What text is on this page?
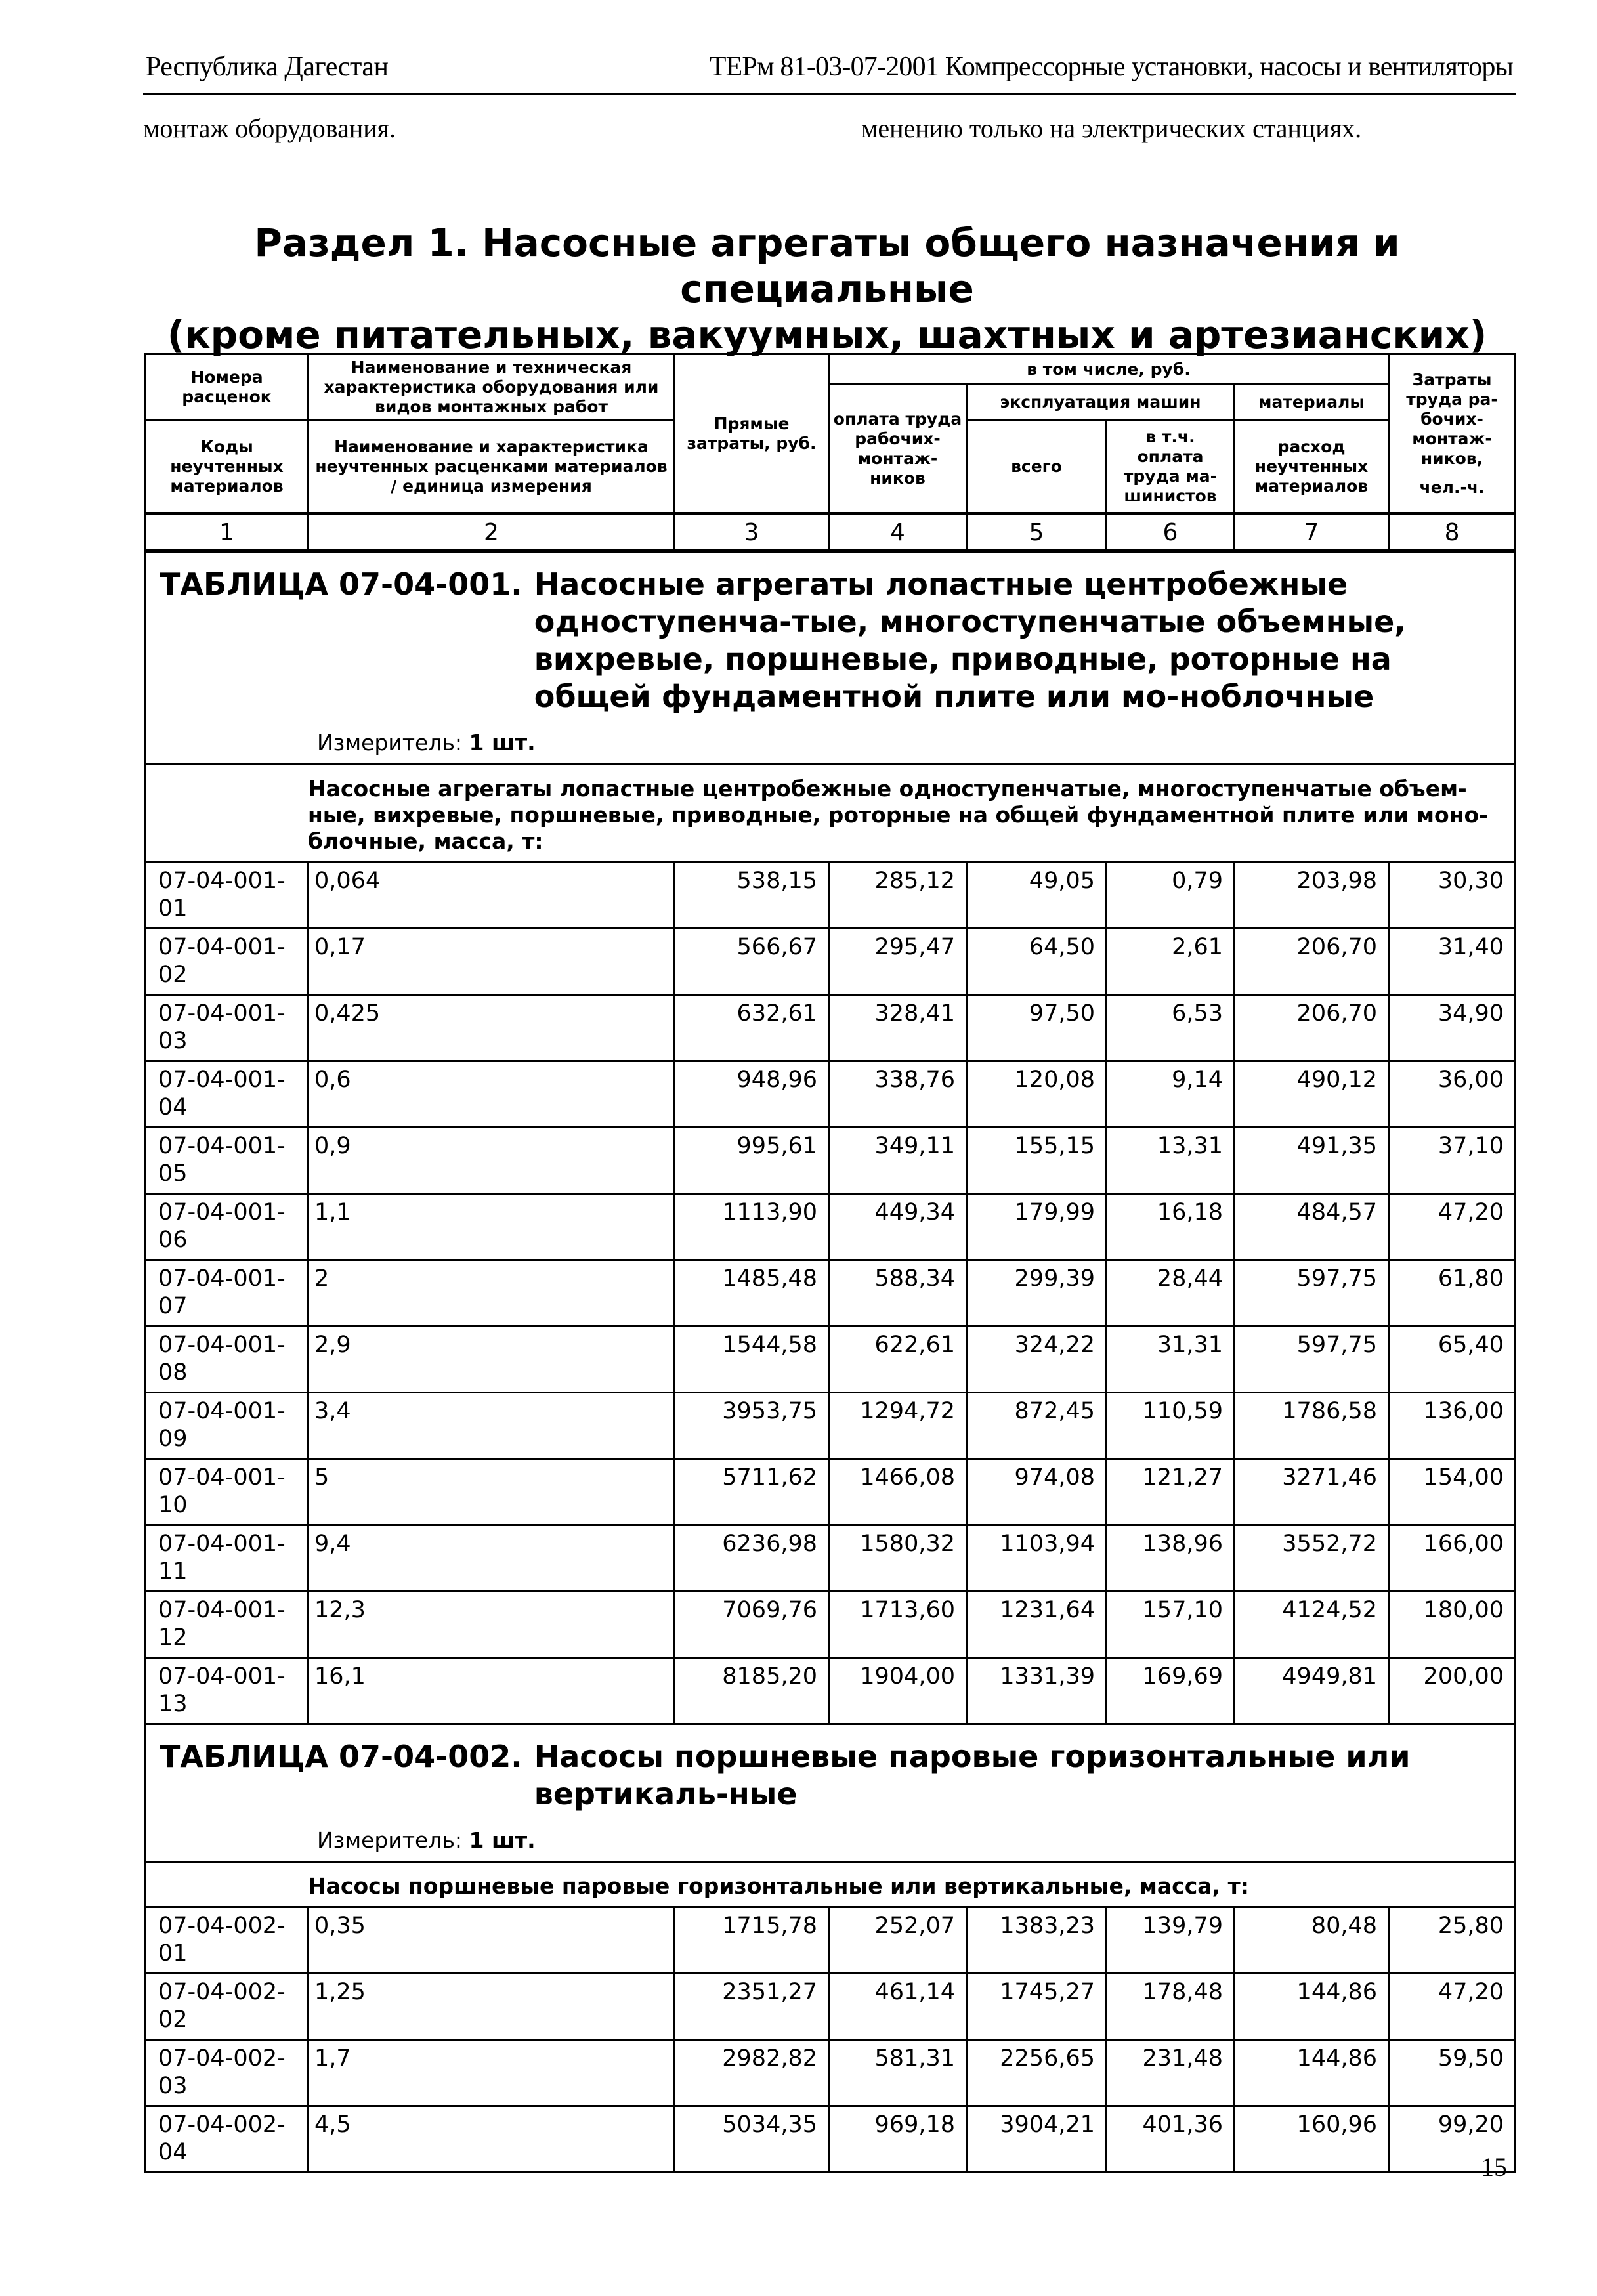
Республика Дагестан	ТЕРм 81-03-07-2001 Компрессорные установки, насосы и вентиляторы
монтаж оборудования.	менению только на электрических станциях.
Раздел 1. Насосные агрегаты общего назначения и специальные
(кроме питательных, вакуумных, шахтных и артезианских)
Номера расценок	Наименование и техническая характеристика оборудования или видов монтажных работ	Прямые затраты, руб.	в том числе, руб.				Затраты труда ра-бочих-монтаж-ников,
чел.-ч.

			оплата труда рабочих-монтаж-ников	эксплуатация машин		материалы	
Коды неучтенных материалов	Наименование и характеристика неучтенных расценками материалов / единица измерения			всего	в т.ч. оплата труда ма-шинистов	расход неучтенных материалов	
1	2	3	4	5	6	7	8

ТАБЛИЦА 07-04-001. Насосные агрегаты лопастные центробежные одноступенча-тые, многоступенчатые объемные, вихревые, поршневые, приводные, роторные на общей фундаментной плите или мо-ноблочные
Измеритель: 1 шт.							

Насосные агрегаты лопастные центробежные одноступенчатые, многоступенчатые объем-ные, вихревые, поршневые, приводные, роторные на общей фундаментной плите или моно-блочные, масса, т:							
07-04-001-01	0,064	538,15	285,12	49,05	0,79	203,98	30,30
07-04-001-02	0,17	566,67	295,47	64,50	2,61	206,70	31,40
07-04-001-03	0,425	632,61	328,41	97,50	6,53	206,70	34,90
07-04-001-04	0,6	948,96	338,76	120,08	9,14	490,12	36,00
07-04-001-05	0,9	995,61	349,11	155,15	13,31	491,35	37,10
07-04-001-06	1,1	1113,90	449,34	179,99	16,18	484,57	47,20
07-04-001-07	2	1485,48	588,34	299,39	28,44	597,75	61,80
07-04-001-08	2,9	1544,58	622,61	324,22	31,31	597,75	65,40
07-04-001-09	3,4	3953,75	1294,72	872,45	110,59	1786,58	136,00
07-04-001-10	5	5711,62	1466,08	974,08	121,27	3271,46	154,00
07-04-001-11	9,4	6236,98	1580,32	1103,94	138,96	3552,72	166,00
07-04-001-12	12,3	7069,76	1713,60	1231,64	157,10	4124,52	180,00
07-04-001-13	16,1	8185,20	1904,00	1331,39	169,69	4949,81	200,00

ТАБЛИЦА 07-04-002. Насосы поршневые паровые горизонтальные или вертикаль-ные
Измеритель: 1 шт.							

Насосы поршневые паровые горизонтальные или вертикальные, масса, т:							
07-04-002-01	0,35	1715,78	252,07	1383,23	139,79	80,48	25,80
07-04-002-02	1,25	2351,27	461,14	1745,27	178,48	144,86	47,20
07-04-002-03	1,7	2982,82	581,31	2256,65	231,48	144,86	59,50
07-04-002-04	4,5	5034,35	969,18	3904,21	401,36	160,96	99,20
15
